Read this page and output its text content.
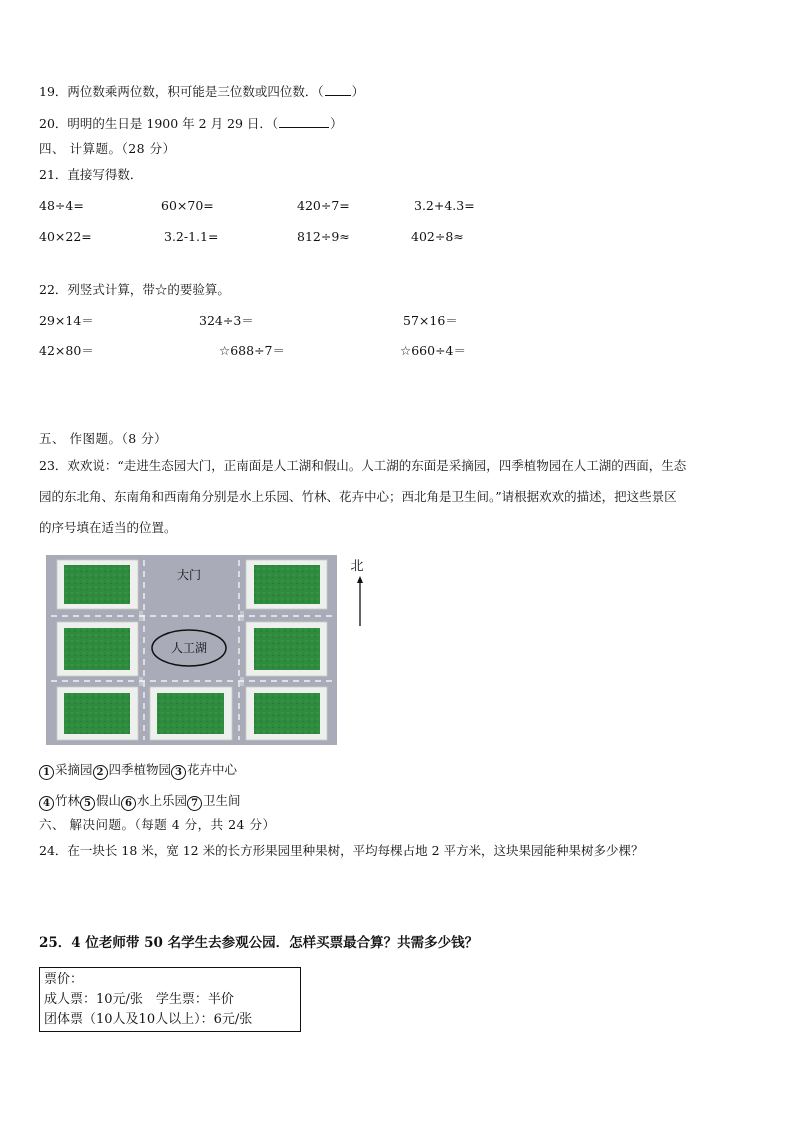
19．两位数乘两位数，积可能是三位数或四位数．（ ）
20．明明的生日是 1900 年 2 月 29 日．（	）
四、 计算题。（28 分）
21．直接写得数．
48÷4=	60×70=	420÷7=	3.2+4.3=
40×22=	3.2-1.1=	812÷9≈	402÷8≈
22．列竖式计算，带☆的要验算。
29×14＝	324÷3＝	57×16＝
42×80＝	☆688÷7＝	☆660÷4＝
五、 作图题。（8 分）
23．欢欢说：“走进生态园大门，正南面是人工湖和假山。人工湖的东面是采摘园，四季植物园在人工湖的西面，生态
园的东北角、东南角和西南角分别是水上乐园、竹林、花卉中心；西北角是卫生间。”请根据欢欢的描述，把这些景区
的序号填在适当的位置。
大门
人工湖
北
1 采摘园 2 四季植物园 3 花卉中心
4 竹林 5 假山 6 水上乐园 7 卫生间
六、 解决问题。（每题 4 分，共 24 分）
24．在一块长 18 米，宽 12 米的长方形果园里种果树，平均每棵占地 2 平方米，这块果园能种果树多少棵？
25．4 位老师带 50 名学生去参观公园．怎样买票最合算？共需多少钱？
票价：
成人票：10元/张　学生票：半价
团体票（10人及10人以上）：6元/张
